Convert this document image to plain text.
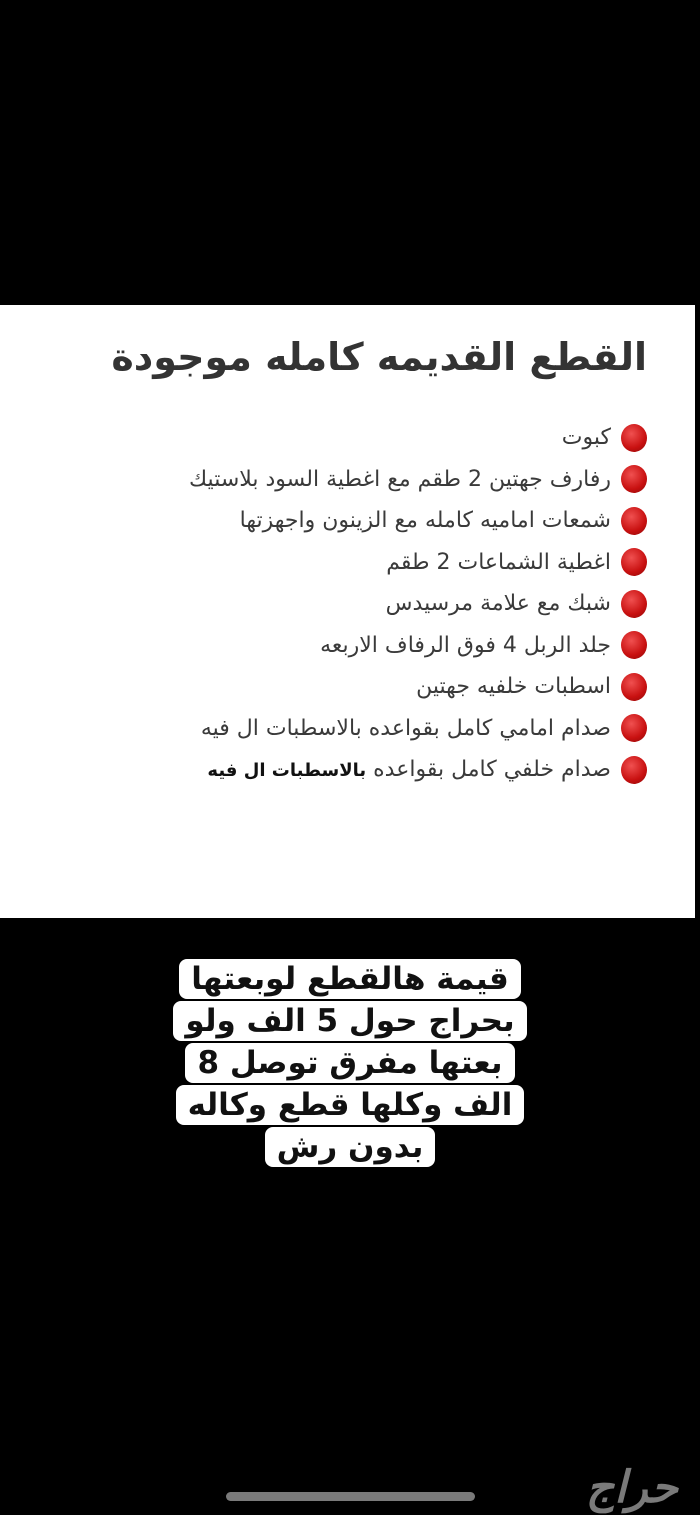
القطع القديمه كامله موجودة
كبوت
رفارف جهتين 2 طقم مع اغطية السود بلاستيك
شمعات اماميه كامله مع الزينون واجهزتها
اغطية الشماعات 2 طقم
شبك مع علامة مرسيدس
جلد الربل 4 فوق الرفاف الاربعه
اسطبات خلفيه جهتين
صدام امامي كامل بقواعده بالاسطبات ال فيه
صدام خلفي كامل بقواعده بالاسطبات ال فيه
قيمة هالقطع لوبعتها بحراج حول 5 الف ولو بعتها مفرق توصل 8 الف وكلها قطع وكاله بدون رش
حراج
